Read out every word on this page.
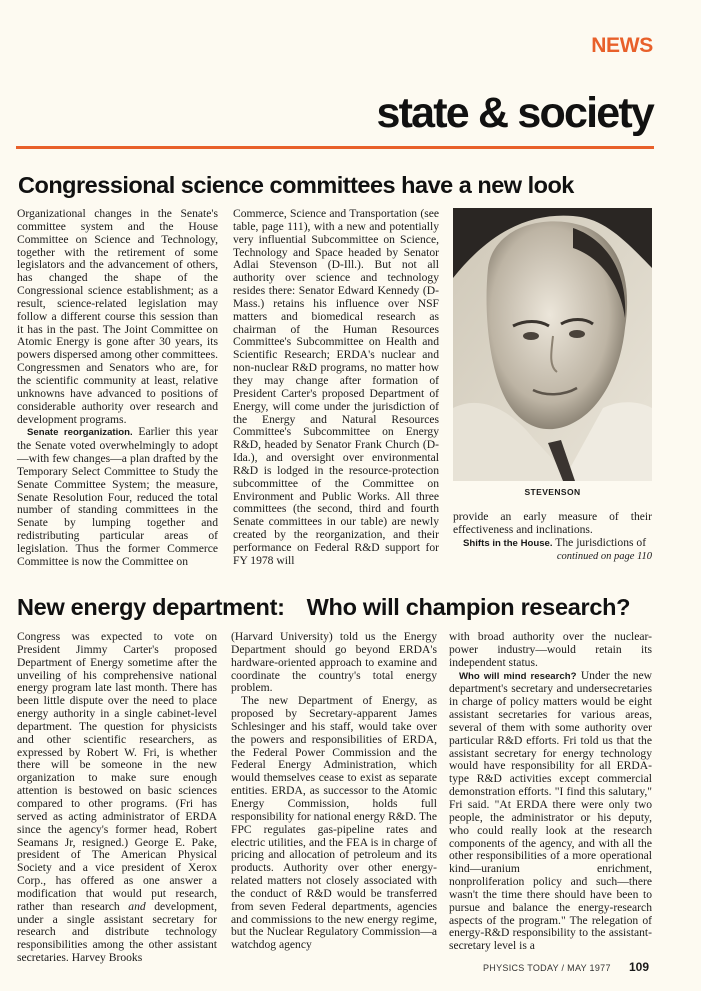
NEWS
state & society
Congressional science committees have a new look

Organizational changes in the Senate's committee system and the House Committee on Science and Technology, together with the retirement of some legislators and the advancement of others, has changed the shape of the Congressional science establishment; as a result, science-related legislation may follow a different course this session than it has in the past. The Joint Committee on Atomic Energy is gone after 30 years, its powers dispersed among other committees. Congressmen and Senators who are, for the scientific community at least, relative unknowns have advanced to positions of considerable authority over research and development programs.

Senate reorganization. Earlier this year the Senate voted overwhelmingly to adopt—with few changes—a plan drafted by the Temporary Select Committee to Study the Senate Committee System; the measure, Senate Resolution Four, reduced the total number of standing committees in the Senate by lumping together and redistributing particular areas of legislation. Thus the former Commerce Committee is now the Committee on

Commerce, Science and Transportation (see table, page 111), with a new and potentially very influential Subcommittee on Science, Technology and Space headed by Senator Adlai Stevenson (D-Ill.). But not all authority over science and technology resides there: Senator Edward Kennedy (D-Mass.) retains his influence over NSF matters and biomedical research as chairman of the Human Resources Committee's Subcommittee on Health and Scientific Research; ERDA's nuclear and non-nuclear R&D programs, no matter how they may change after formation of President Carter's proposed Department of Energy, will come under the jurisdiction of the Energy and Natural Resources Committee's Subcommittee on Energy R&D, headed by Senator Frank Church (D-Ida.), and oversight over environmental R&D is lodged in the resource-protection subcommittee of the Committee on Environment and Public Works. All three committees (the second, third and fourth Senate committees in our table) are newly created by the reorganization, and their performance on Federal R&D support for FY 1978 will

STEVENSON

provide an early measure of their effectiveness and inclinations.

Shifts in the House. The jurisdictions of

continued on page 110

New energy department: Who will champion research?

Congress was expected to vote on President Jimmy Carter's proposed Department of Energy sometime after the unveiling of his comprehensive national energy program late last month. There has been little dispute over the need to place energy authority in a single cabinet-level department. The question for physicists and other scientific researchers, as expressed by Robert W. Fri, is whether there will be someone in the new organization to make sure enough attention is bestowed on basic sciences compared to other programs. (Fri has served as acting administrator of ERDA since the agency's former head, Robert Seamans Jr, resigned.) George E. Pake, president of The American Physical Society and a vice president of Xerox Corp., has offered as one answer a modification that would put research, rather than research and development, under a single assistant secretary for research and distribute technology responsibilities among the other assistant secretaries. Harvey Brooks

(Harvard University) told us the Energy Department should go beyond ERDA's hardware-oriented approach to examine and coordinate the country's total energy problem.

The new Department of Energy, as proposed by Secretary-apparent James Schlesinger and his staff, would take over the powers and responsibilities of ERDA, the Federal Power Commission and the Federal Energy Administration, which would themselves cease to exist as separate entities. ERDA, as successor to the Atomic Energy Commission, holds full responsibility for national energy R&D. The FPC regulates gas-pipeline rates and electric utilities, and the FEA is in charge of pricing and allocation of petroleum and its products. Authority over other energy-related matters not closely associated with the conduct of R&D would be transferred from seven Federal departments, agencies and commissions to the new energy regime, but the Nuclear Regulatory Commission—a watchdog agency

with broad authority over the nuclear-power industry—would retain its independent status.

Who will mind research? Under the new department's secretary and undersecretaries in charge of policy matters would be eight assistant secretaries for various areas, several of them with some authority over particular R&D efforts. Fri told us that the assistant secretary for energy technology would have responsibility for all ERDA-type R&D activities except commercial demonstration efforts. "I find this salutary," Fri said. "At ERDA there were only two people, the administrator or his deputy, who could really look at the research components of the agency, and with all the other responsibilities of a more operational kind—uranium enrichment, nonproliferation policy and such—there wasn't the time there should have been to pursue and balance the energy-research aspects of the program." The relegation of energy-R&D responsibility to the assistant-secretary level is a

PHYSICS TODAY / MAY 1977 109
